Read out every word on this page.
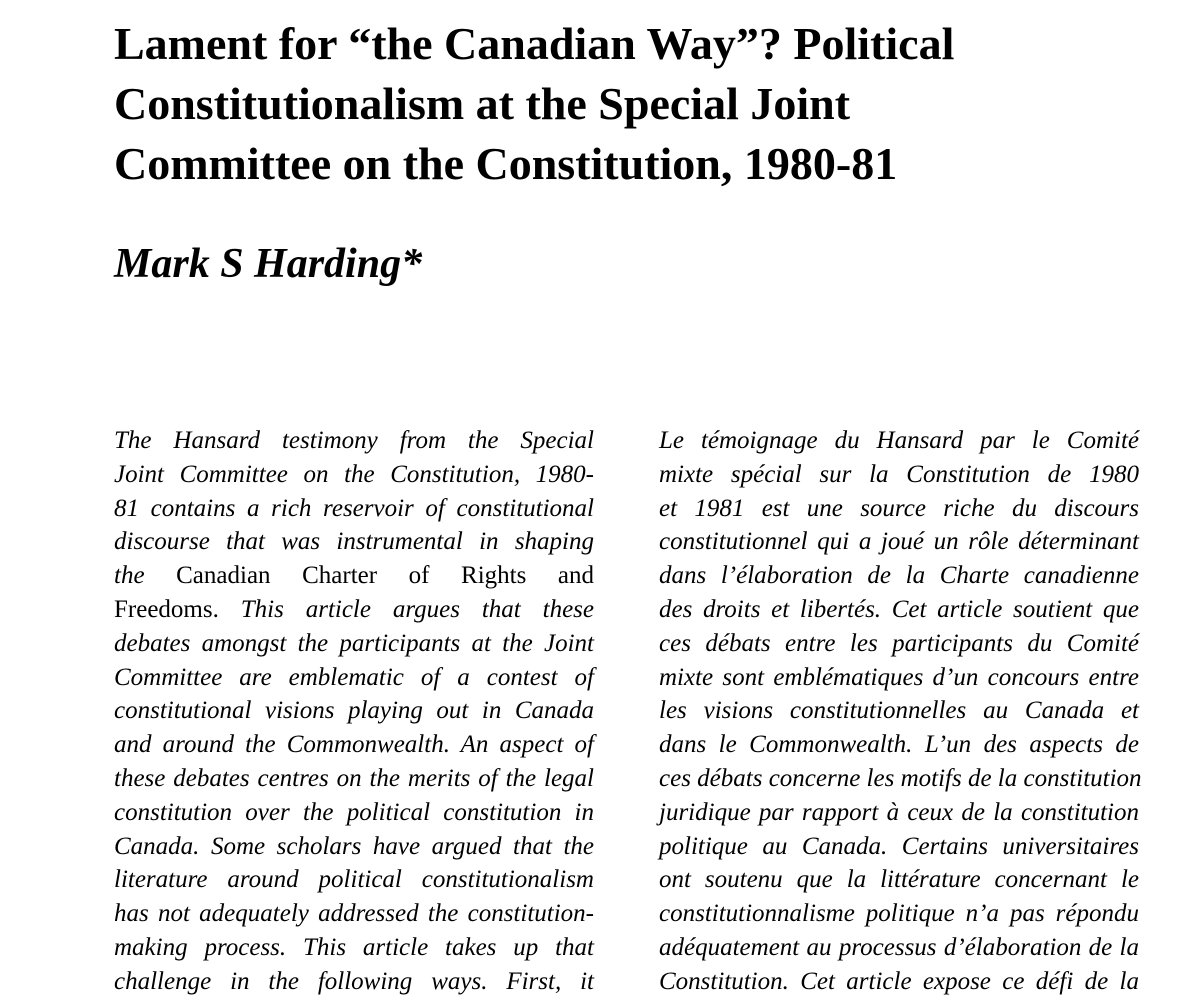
Lament for “the Canadian Way”? Political
Constitutionalism at the Special Joint
Committee on the Constitution, 1980-81
Mark S Harding*
The Hansard testimony from the Special
Joint Committee on the Constitution, 1980-
81 contains a rich reservoir of constitutional
discourse that was instrumental in shaping
the Canadian Charter of Rights and
Freedoms. This article argues that these
debates amongst the participants at the Joint
Committee are emblematic of a contest of
constitutional visions playing out in Canada
and around the Commonwealth. An aspect of
these debates centres on the merits of the legal
constitution over the political constitution in
Canada. Some scholars have argued that the
literature around political constitutionalism
has not adequately addressed the constitution-
making process. This article takes up that
challenge in the following ways. First, it
Le témoignage du Hansard par le Comité
mixte spécial sur la Constitution de 1980
et 1981 est une source riche du discours
constitutionnel qui a joué un rôle déterminant
dans l’élaboration de la Charte canadienne
des droits et libertés. Cet article soutient que
ces débats entre les participants du Comité
mixte sont emblématiques d’un concours entre
les visions constitutionnelles au Canada et
dans le Commonwealth. L’un des aspects de
ces débats concerne les motifs de la constitution
juridique par rapport à ceux de la constitution
politique au Canada. Certains universitaires
ont soutenu que la littérature concernant le
constitutionnalisme politique n’a pas répondu
adéquatement au processus d’élaboration de la
Constitution. Cet article expose ce défi de la
